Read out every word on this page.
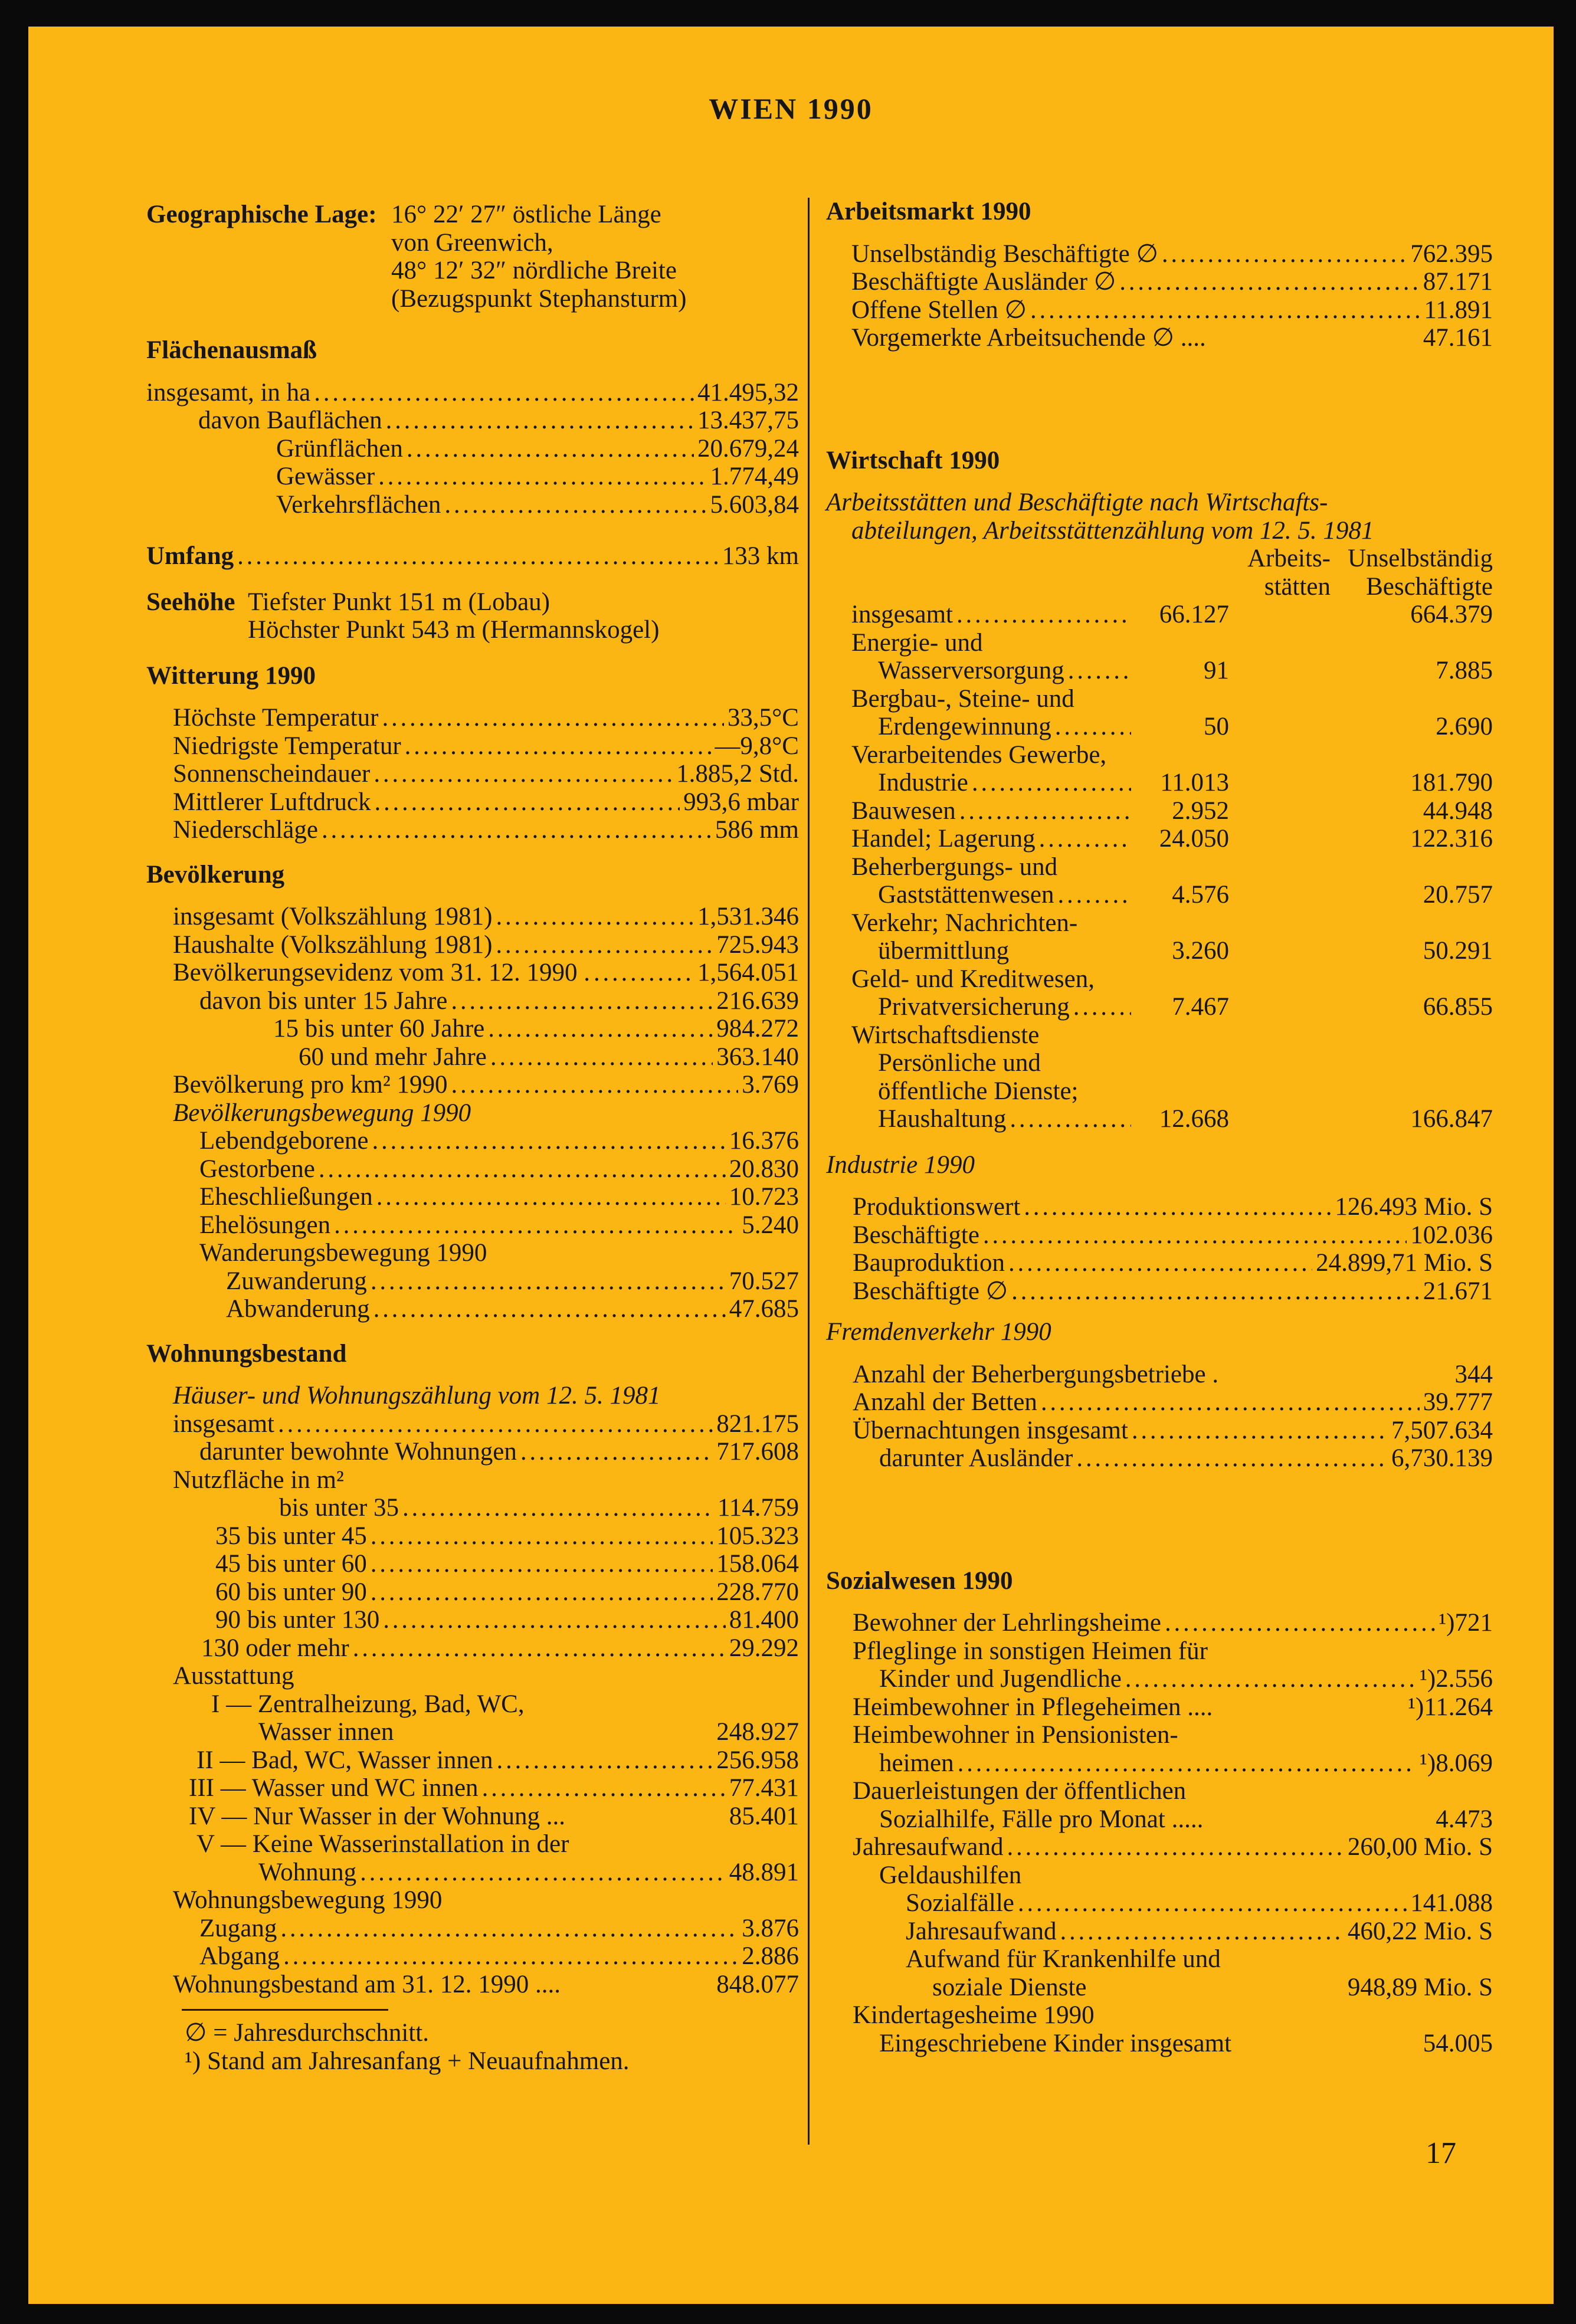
WIEN 1990
Geographische Lage: 16° 22′ 27″ östliche Länge
von Greenwich,
48° 12′ 32″ nördliche Breite
(Bezugspunkt Stephansturm)
Flächenausmaß
insgesamt, in ha . . .	41.495,32
davon Bauflächen . . .	13.437,75
Grünflächen . . .	20.679,24
Gewässer . . .	1.774,49
Verkehrsflächen . . .	5.603,84
Umfang . . .	133 km
Seehöhe Tiefster Punkt 151 m (Lobau)
Höchster Punkt 543 m (Hermannskogel)
Witterung 1990
Höchste Temperatur . . .	33,5°C
Niedrigste Temperatur . . .	—9,8°C
Sonnenscheindauer . . .	1.885,2 Std.
Mittlerer Luftdruck . . .	993,6 mbar
Niederschläge . . .	586 mm
Bevölkerung
insgesamt (Volkszählung 1981) . . .	1,531.346
Haushalte (Volkszählung 1981) . . .	725.943
Bevölkerungsevidenz vom 31. 12. 1990 . . . .	1,564.051
davon bis unter 15 Jahre . . .	216.639
15 bis unter 60 Jahre . . .	984.272
60 und mehr Jahre . . .	363.140
Bevölkerung pro km² 1990 . . .	3.769
Bevölkerungsbewegung 1990
Lebendgeborene . . .	16.376
Gestorbene . . .	20.830
Eheschließungen . . .	10.723
Ehelösungen . . .	5.240
Wanderungsbewegung 1990
Zuwanderung . . .	70.527
Abwanderung . . .	47.685
Wohnungsbestand
Häuser- und Wohnungszählung vom 12. 5. 1981
insgesamt . . .	821.175
darunter bewohnte Wohnungen . . .	717.608
Nutzfläche in m²
bis unter 35 . . .	114.759
35 bis unter 45 . . .	105.323
45 bis unter 60 . . .	158.064
60 bis unter 90 . . .	228.770
90 bis unter 130 . . .	81.400
130 oder mehr . . .	29.292
Ausstattung
I — Zentralheizung, Bad, WC,
Wasser innen	248.927
II — Bad, WC, Wasser innen . . .	256.958
III — Wasser und WC innen . . .	77.431
IV — Nur Wasser in der Wohnung ...	85.401
V — Keine Wasserinstallation in der
Wohnung . . .	48.891
Wohnungsbewegung 1990
Zugang . . .	3.876
Abgang . . .	2.886
Wohnungsbestand am 31. 12. 1990 ....	848.077
∅ = Jahresdurchschnitt.
¹) Stand am Jahresanfang + Neuaufnahmen.
Arbeitsmarkt 1990
Unselbständig Beschäftigte ∅ . . .	762.395
Beschäftigte Ausländer ∅ . . .	87.171
Offene Stellen ∅ . . .	11.891
Vorgemerkte Arbeitsuchende ∅ ....	47.161
Wirtschaft 1990
Arbeitsstätten und Beschäftigte nach Wirtschafts-
abteilungen, Arbeitsstättenzählung vom 12. 5. 1981
Arbeits- Unselbständig
stätten	Beschäftigte
insgesamt . . .	66.127	664.379
Energie- und
Wasserversorgung . . .	91	7.885
Bergbau-, Steine- und
Erdengewinnung . . .	50	2.690
Verarbeitendes Gewerbe,
Industrie . . .	11.013	181.790
Bauwesen . . .	2.952	44.948
Handel; Lagerung . . .	24.050	122.316
Beherbergungs- und
Gaststättenwesen . . .	4.576	20.757
Verkehr; Nachrichten-
übermittlung	3.260	50.291
Geld- und Kreditwesen,
Privatversicherung . . .	7.467	66.855
Wirtschaftsdienste
Persönliche und
öffentliche Dienste;
Haushaltung . . .	12.668	166.847
Industrie 1990
Produktionswert . . .	126.493 Mio. S
Beschäftigte . . .	102.036
Bauproduktion . . .	24.899,71 Mio. S
Beschäftigte ∅ . . .	21.671
Fremdenverkehr 1990
Anzahl der Beherbergungsbetriebe .	344
Anzahl der Betten . . .	39.777
Übernachtungen insgesamt . . .	7,507.634
darunter Ausländer . . .	6,730.139
Sozialwesen 1990
Bewohner der Lehrlingsheime . . .	¹)721
Pfleglinge in sonstigen Heimen für
Kinder und Jugendliche . . .	¹)2.556
Heimbewohner in Pflegeheimen ....	¹)11.264
Heimbewohner in Pensionisten-
heimen . . .	¹)8.069
Dauerleistungen der öffentlichen
Sozialhilfe, Fälle pro Monat .....	4.473
Jahresaufwand . . .	260,00 Mio. S
Geldaushilfen
Sozialfälle . . .	141.088
Jahresaufwand . . .	460,22 Mio. S
Aufwand für Krankenhilfe und
soziale Dienste	948,89 Mio. S
Kindertagesheime 1990
Eingeschriebene Kinder insgesamt	54.005
17
